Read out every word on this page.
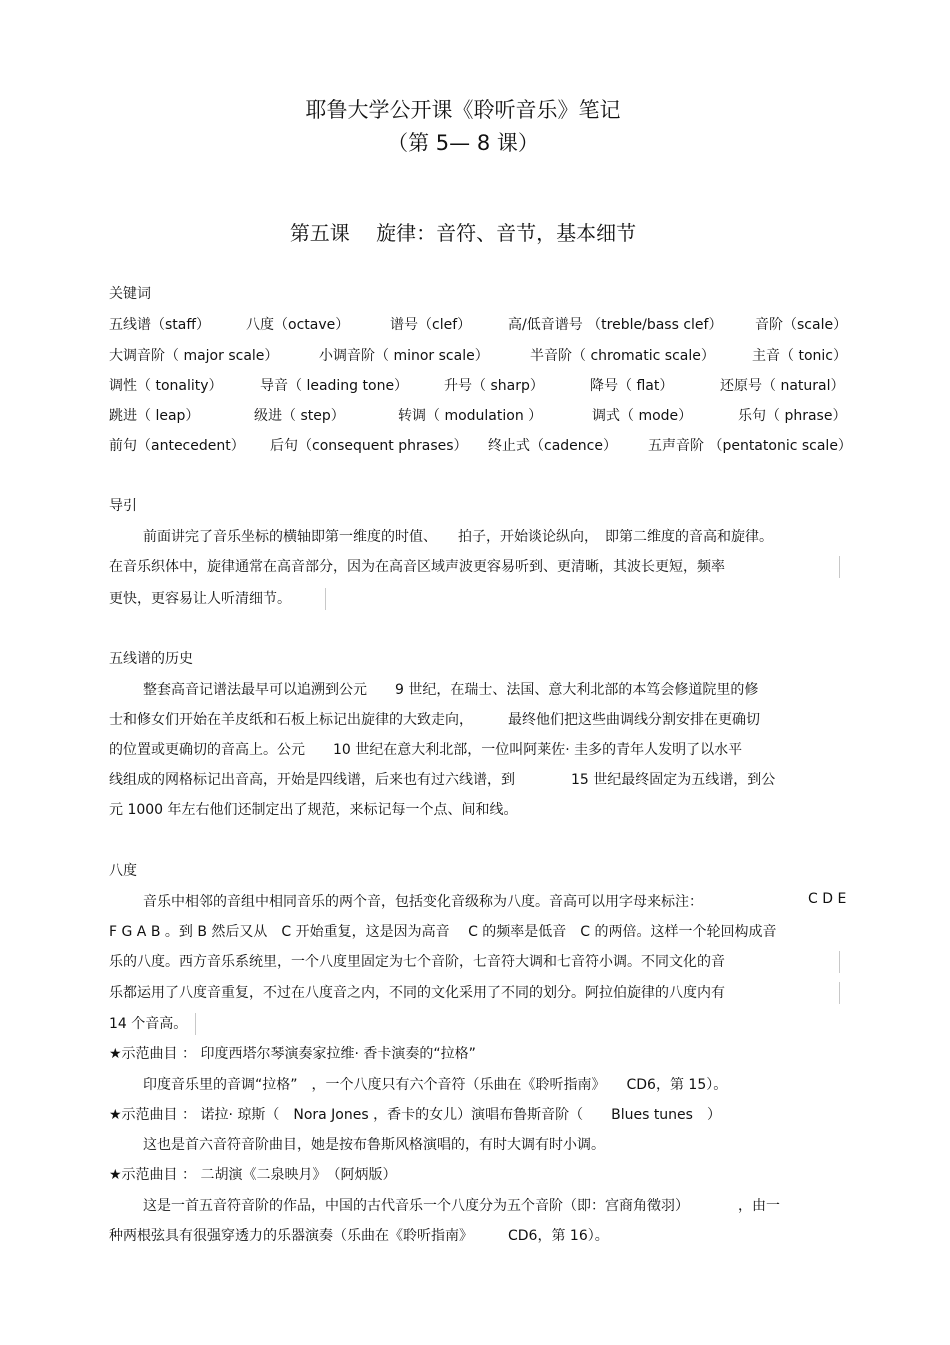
耶鲁大学公开课《聆听音乐》笔记
（第 5— 8 课）
第五课　 旋律：音符、音节，基本细节
关键词
五线谱（staff）	八度（octave）	谱号（clef）	高/低音谱号 （treble/bass clef） 音阶（scale）
大调音阶（ major scale）	小调音阶（ minor scale）	半音阶（ chromatic scale）	主音（ tonic）
调性（ tonality）	导音（ leading tone）	升号（ sharp）	降号（ flat）	还原号（ natural）
跳进（ leap）	级进（ step）	转调（ modulation ）	调式（ mode）	乐句（ phrase）
前句（antecedent） 后句（consequent phrases） 终止式（cadence） 五声音阶 （pentatonic scale）
导引
前面讲完了音乐坐标的横轴即第一维度的时值、　　拍子，开始谈论纵向，　即第二维度的音高和旋律。
在音乐织体中，旋律通常在高音部分，因为在高音区域声波更容易听到、更清晰，其波长更短，频率
更快，更容易让人听清细节。
五线谱的历史
整套高音记谱法最早可以追溯到公元　　9 世纪，在瑞士、法国、意大利北部的本笃会修道院里的修
士和修女们开始在羊皮纸和石板上标记出旋律的大致走向，　　　最终他们把这些曲调线分割安排在更确切
的位置或更确切的音高上。公元　　10 世纪在意大利北部，一位叫阿莱佐· 圭多的青年人发明了以水平
线组成的网格标记出音高，开始是四线谱，后来也有过六线谱，到　　　　15 世纪最终固定为五线谱，到公
元 1000 年左右他们还制定出了规范，来标记每一个点、间和线。
八度
音乐中相邻的音组中相同音乐的两个音，包括变化音级称为八度。音高可以用字母来标注：	C D E
F G A B 。到 B 然后又从　C 开始重复，这是因为高音　 C 的频率是低音　C 的两倍。这样一个轮回构成音
乐的八度。西方音乐系统里，一个八度里固定为七个音阶，七音符大调和七音符小调。不同文化的音
乐都运用了八度音重复，不过在八度音之内，不同的文化采用了不同的划分。阿拉伯旋律的八度内有
14 个音高。
★示范曲目 ： 印度西塔尔琴演奏家拉维· 香卡演奏的“拉格”
印度音乐里的音调“拉格”　，一个八度只有六个音符（乐曲在《聆听指南》　　CD6，第 15）。
★示范曲目 ： 诺拉· 琼斯（　Nora Jones ，香卡的女儿）演唱布鲁斯音阶（　　Blues tunes　）
这也是首六音符音阶曲目，她是按布鲁斯风格演唱的，有时大调有时小调。
★示范曲目 ： 二胡演《二泉映月》　（阿炳版）
这是一首五音符音阶的作品，中国的古代音乐一个八度分为五个音阶（即：宫商角徵羽）　　　　，由一
种两根弦具有很强穿透力的乐器演奏（乐曲在《聆听指南》　　　CD6，第 16）。
